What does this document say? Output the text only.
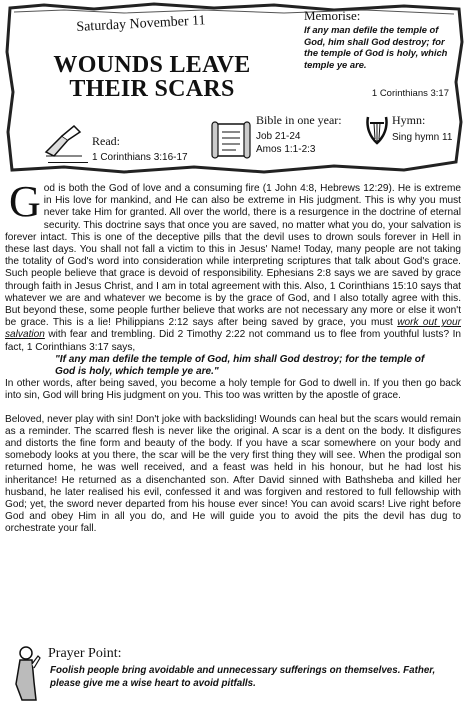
Saturday November 11
WOUNDS LEAVE
THEIR SCARS
Memorise:
If any man defile the temple of God, him shall God destroy; for the temple of God is holy, which temple ye are.
1 Corinthians 3:17
Read:
1 Corinthians 3:16-17
Bible in one year:
Job 21-24
Amos 1:1-2:3
Hymn:
Sing hymn 11

God is both the God of love and a consuming fire (1 John 4:8, Hebrews 12:29). He is extreme in His love for mankind, and He can also be extreme in His judgment. This is why you must never take Him for granted. All over the world, there is a resurgence in the doctrine of eternal security. This doctrine says that once you are saved, no matter what you do, your salvation is forever intact. This is one of the deceptive pills that the devil uses to drown souls forever in Hell in these last days. You shall not fall a victim to this in Jesus' Name! Today, many people are not taking the totality of God's word into consideration while interpreting scriptures that talk about God's grace. Such people believe that grace is devoid of responsibility. Ephesians 2:8 says we are saved by grace through faith in Jesus Christ, and I am in total agreement with this. Also, 1 Corinthians 15:10 says that whatever we are and whatever we become is by the grace of God, and I also totally agree with this. But beyond these, some people further believe that works are not necessary any more or else it won't be grace. This is a lie! Philippians 2:12 says after being saved by grace, you must work out your salvation with fear and trembling. Did 2 Timothy 2:22 not command us to flee from youthful lusts? In fact, 1 Corinthians 3:17 says,

"If any man defile the temple of God, him shall God destroy; for the temple of God is holy, which temple ye are."

In other words, after being saved, you become a holy temple for God to dwell in. If you then go back into sin, God will bring His judgment on you. This too was written by the apostle of grace.

Beloved, never play with sin! Don't joke with backsliding! Wounds can heal but the scars would remain as a reminder. The scarred flesh is never like the original. A scar is a dent on the body. It disfigures and distorts the fine form and beauty of the body. If you have a scar somewhere on your body and somebody looks at you there, the scar will be the very first thing they will see. When the prodigal son returned home, he was well received, and a feast was held in his honour, but he had lost his inheritance! He returned as a disenchanted son. After David sinned with Bathsheba and killed her husband, he later realised his evil, confessed it and was forgiven and restored to full fellowship with God; yet, the sword never departed from his house ever since! You can avoid scars! Live right before God and obey Him in all you do, and He will guide you to avoid the pits the devil has dug to orchestrate your fall.

Prayer Point:
Foolish people bring avoidable and unnecessary sufferings on themselves. Father, please give me a wise heart to avoid pitfalls.
